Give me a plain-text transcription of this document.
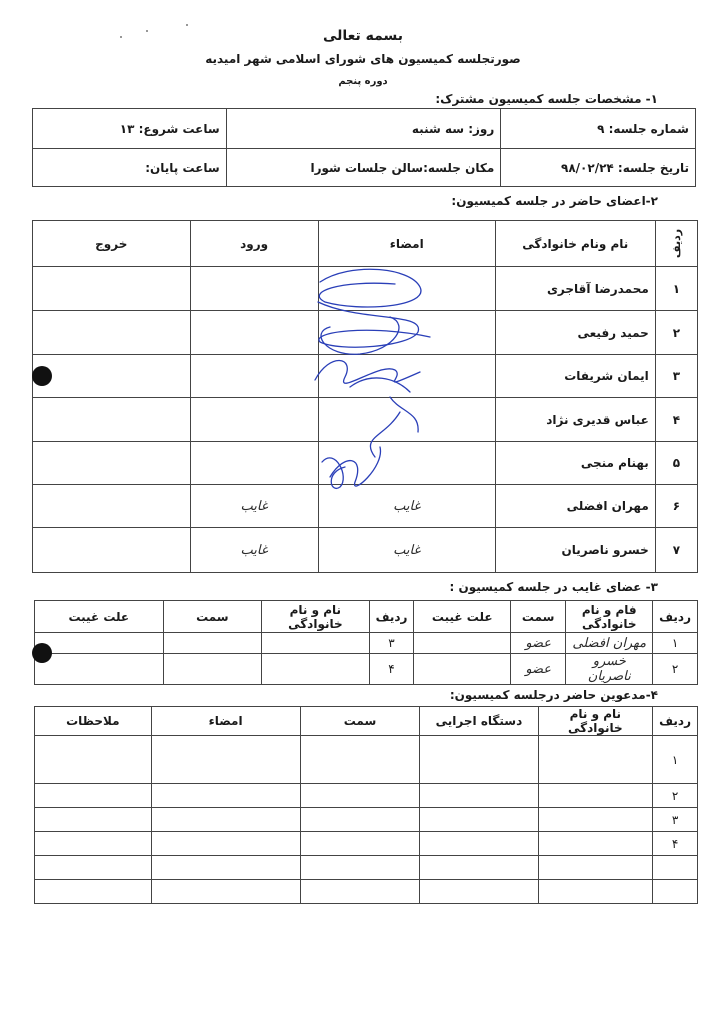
بسمه تعالی
صورتجلسه کمیسیون های شورای اسلامی شهر امیدیه
دوره پنجم
۱- مشخصات جلسه کمیسیون مشترک:
شماره جلسه: ۹	روز: سه شنبه	ساعت شروع: ۱۳
تاریخ جلسه: ۹۸/۰۲/۲۴	مکان جلسه:سالن جلسات شورا	ساعت پایان:
۲-اعضای حاضر در جلسه کمیسیون:
ردیف	نام ونام خانوادگی	امضاء	ورود	خروج
۱	محمدرضا آقاجری			
۲	حمید رفیعی			
۳	ایمان شریفات			
۴	عباس قدیری نژاد			
۵	بهنام منجی			
۶	مهران افضلی	غایب	غایب	
۷	خسرو ناصریان	غایب	غایب	
۳- عضای غایب در جلسه کمیسیون :
ردیف	فام و نام خانوادگی	سمت	علت غیبت	ردیف	نام و نام خانوادگی	سمت	علت غیبت
۱	مهران افضلی	عضو		۳			
۲	خسرو ناصریان	عضو		۴			
۴-مدعوین حاضر درجلسه کمیسیون:
ردیف	نام و نام خانوادگی	دستگاه اجرایی	سمت	امضاء	ملاحظات
۱					
۲					
۳					
۴					
